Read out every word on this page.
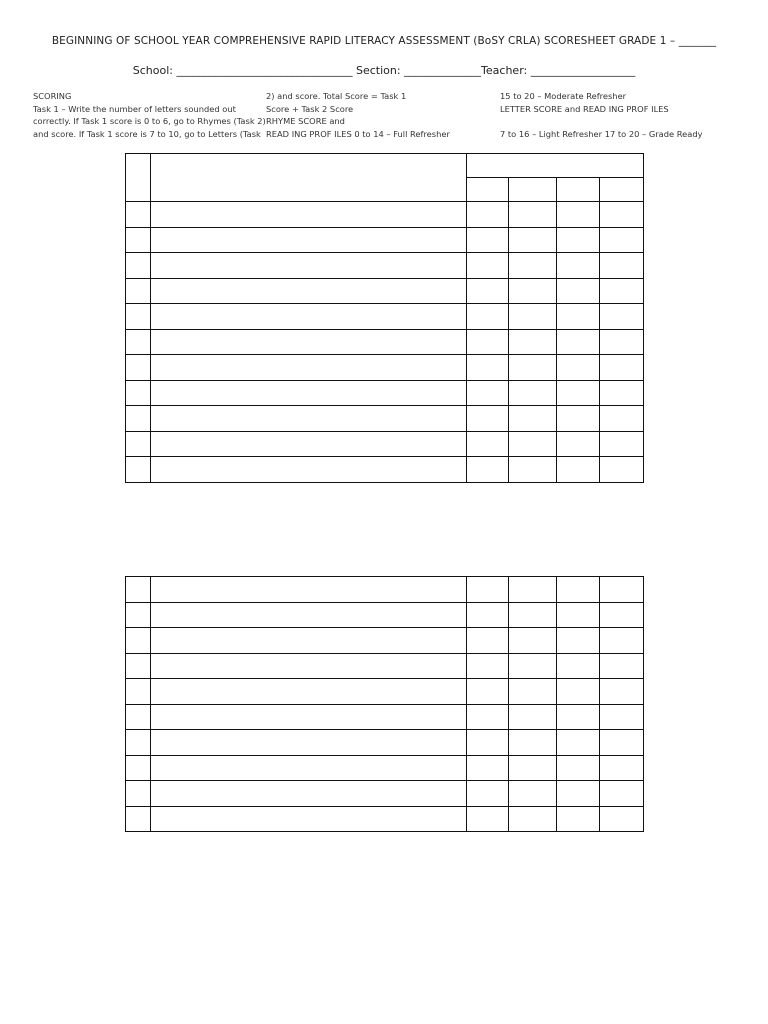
BEGINNING OF SCHOOL YEAR COMPREHENSIVE RAPID LITERACY ASSESSMENT (BoSY CRLA) SCORESHEET GRADE 1 – _______
School: ________________________________ Section: ______________Teacher: ___________________
SCORING
Task 1 – Write the number of letters sounded out
correctly. If Task 1 score is 0 to 6, go to Rhymes (Task 2)
and score. If Task 1 score is 7 to 10, go to Letters (Task
2) and score. Total Score = Task 1
Score + Task 2 Score
RHYME SCORE and
READ ING PROF ILES 0 to 14 – Full Refresher
15 to 20 – Moderate Refresher
LETTER SCORE and READ ING PROF ILES

7 to 16 – Light Refresher 17 to 20 – Grade Ready
